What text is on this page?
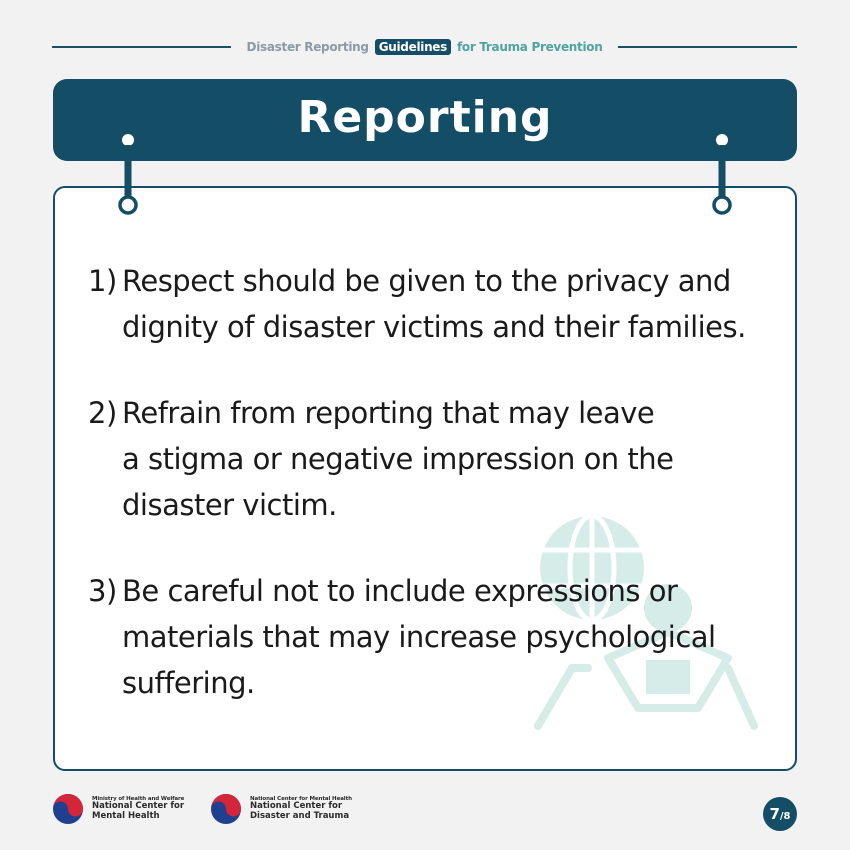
Disaster Reporting Guidelines for Trauma Prevention
Reporting
1) Respect should be given to the privacy and
dignity of disaster victims and their families.
2) Refrain from reporting that may leave
a stigma or negative impression on the
disaster victim.
3) Be careful not to include expressions or
materials that may increase psychological
suffering.
Ministry of Health and Welfare
National Center for
Mental Health
National Center for Mental Health
National Center for
Disaster and Trauma	7 /8
